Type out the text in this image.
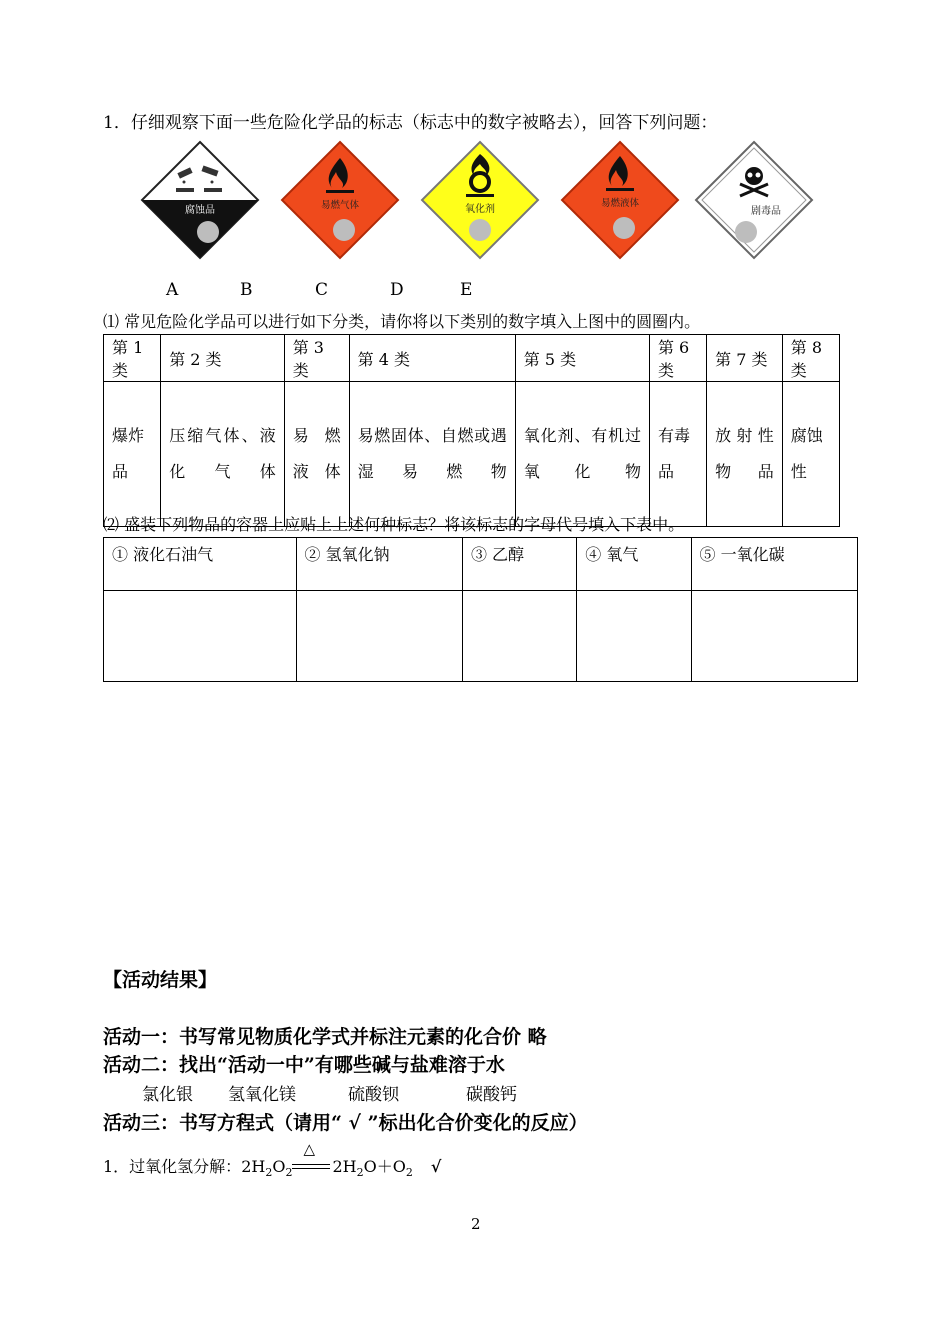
1．仔细观察下面一些危险化学品的标志（标志中的数字被略去），回答下列问题：
腐蚀品	易燃气体	氧化剂
易燃液体
剧毒品
A	B	C	D	E
⑴ 常见危险化学品可以进行如下分类，请你将以下类别的数字填入上图中的圆圈内。
第 1 类	第 2 类	第 3 类	第 4 类	第 5 类	第 6 类	第 7 类	第 8 类
爆炸品	压缩气体、液化气体	易燃液体	易燃固体、自燃或遇湿易燃物	氧化剂、有机过氧化物	有毒品	放射性物品	腐蚀性
⑵ 盛装下列物品的容器上应贴上上述何种标志？将该标志的字母代号填入下表中。
① 液化石油气	② 氢氧化钠	③ 乙醇	④ 氧气	⑤ 一氧化碳

【活动结果】
活动一：书写常见物质化学式并标注元素的化合价 略
活动二：找出“活动一中”有哪些碱与盐难溶于水
氯化银 氢氧化镁	硫酸钡	碳酸钙
活动三：书写方程式（请用“ √ ”标出化合价变化的反应）
1．过氧化氢分解：$2H_2O_2$
△
$2H_2O+O_2$ √
2
